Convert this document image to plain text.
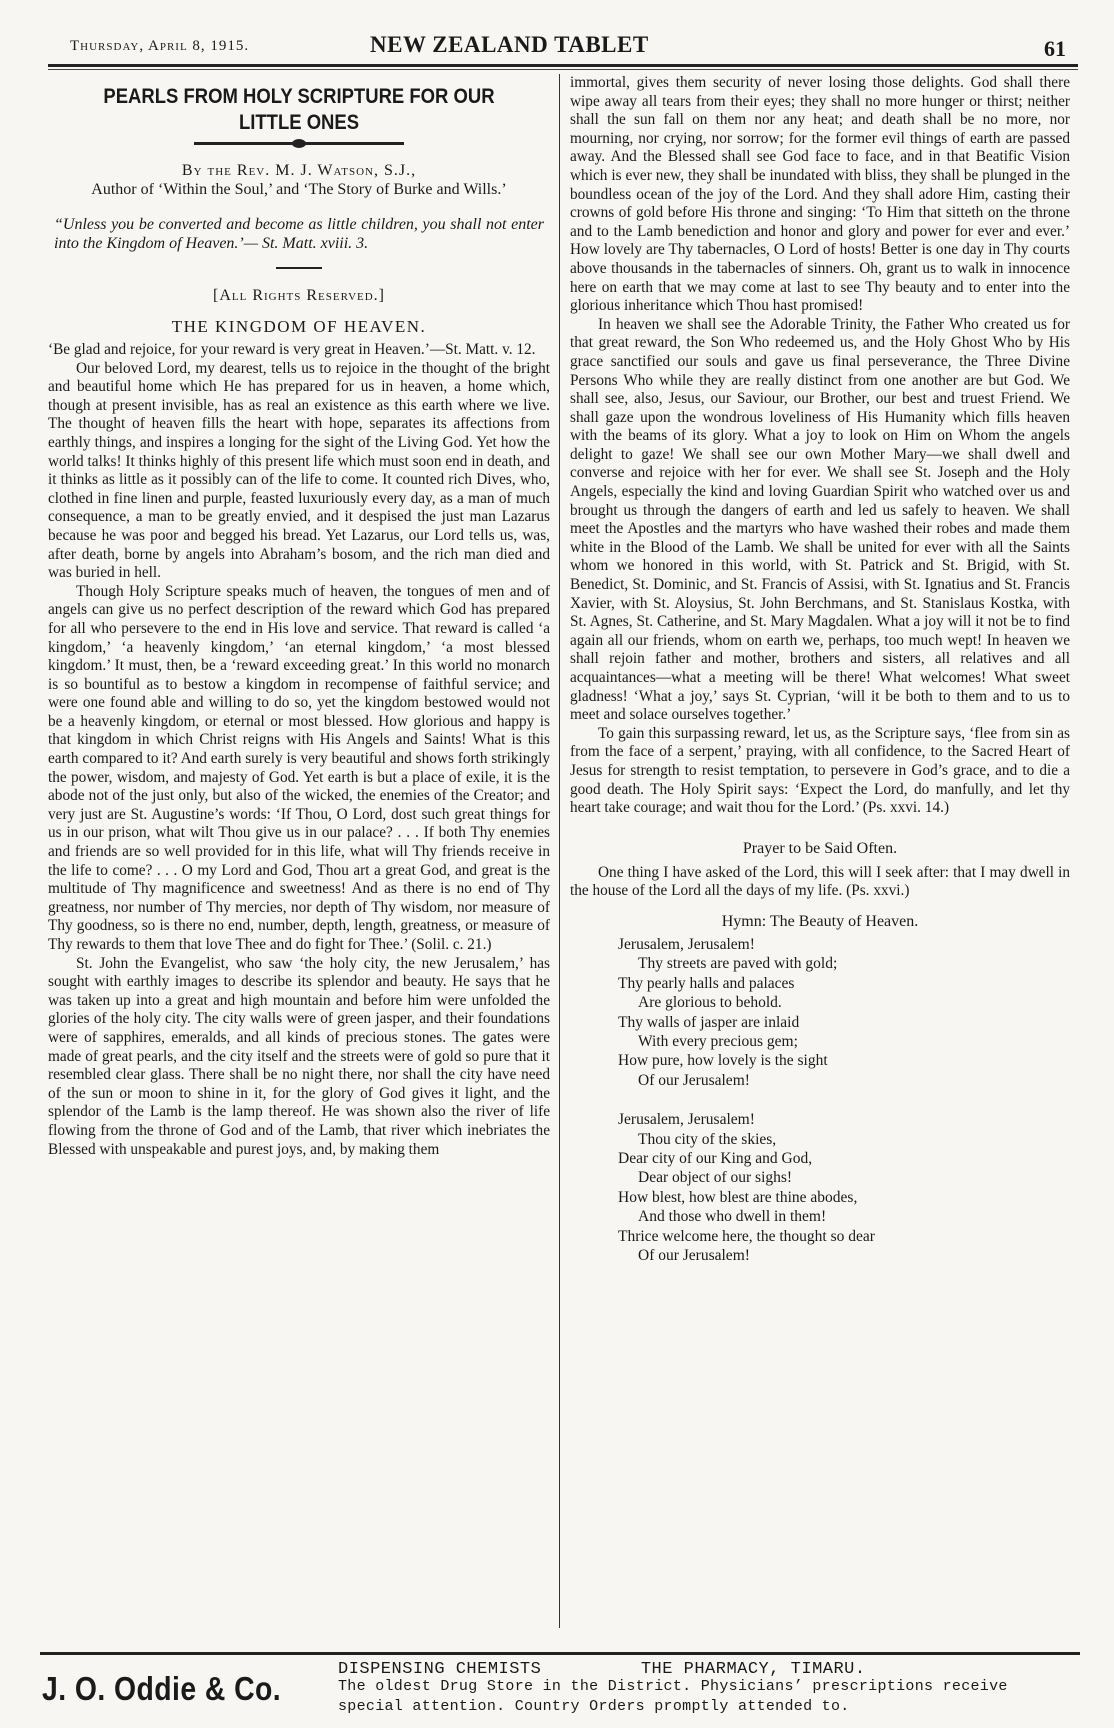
Thursday, April 8, 1915.	NEW ZEALAND TABLET	61
PEARLS FROM HOLY SCRIPTURE FOR OUR
LITTLE ONES
By the Rev. M. J. Watson, S.J.,
Author of ‘Within the Soul,’ and ‘The Story of Burke and Wills.’
“Unless you be converted and become as little children, you shall not enter into the Kingdom of Heaven.’— St. Matt. xviii. 3.
[All Rights Reserved.]
THE KINGDOM OF HEAVEN.

‘Be glad and rejoice, for your reward is very great in Heaven.’—St. Matt. v. 12.

Our beloved Lord, my dearest, tells us to rejoice in the thought of the bright and beautiful home which He has prepared for us in heaven, a home which, though at present invisible, has as real an existence as this earth where we live. The thought of heaven fills the heart with hope, separates its affections from earthly things, and inspires a longing for the sight of the Living God. Yet how the world talks! It thinks highly of this present life which must soon end in death, and it thinks as little as it possibly can of the life to come. It counted rich Dives, who, clothed in fine linen and purple, feasted luxuriously every day, as a man of much consequence, a man to be greatly envied, and it despised the just man Lazarus because he was poor and begged his bread. Yet Lazarus, our Lord tells us, was, after death, borne by angels into Abraham’s bosom, and the rich man died and was buried in hell.

Though Holy Scripture speaks much of heaven, the tongues of men and of angels can give us no perfect description of the reward which God has prepared for all who persevere to the end in His love and service. That reward is called ‘a kingdom,’ ‘a heavenly kingdom,’ ‘an eternal kingdom,’ ‘a most blessed kingdom.’ It must, then, be a ‘reward exceeding great.’ In this world no monarch is so bountiful as to bestow a kingdom in recompense of faithful service; and were one found able and willing to do so, yet the kingdom bestowed would not be a heavenly kingdom, or eternal or most blessed. How glorious and happy is that kingdom in which Christ reigns with His Angels and Saints! What is this earth compared to it? And earth surely is very beautiful and shows forth strikingly the power, wisdom, and majesty of God. Yet earth is but a place of exile, it is the abode not of the just only, but also of the wicked, the enemies of the Creator; and very just are St. Augustine’s words: ‘If Thou, O Lord, dost such great things for us in our prison, what wilt Thou give us in our palace? . . . If both Thy enemies and friends are so well provided for in this life, what will Thy friends receive in the life to come? . . . O my Lord and God, Thou art a great God, and great is the multitude of Thy magnificence and sweetness! And as there is no end of Thy greatness, nor number of Thy mercies, nor depth of Thy wisdom, nor measure of Thy goodness, so is there no end, number, depth, length, greatness, or measure of Thy rewards to them that love Thee and do fight for Thee.’ (Solil. c. 21.)

St. John the Evangelist, who saw ‘the holy city, the new Jerusalem,’ has sought with earthly images to describe its splendor and beauty. He says that he was taken up into a great and high mountain and before him were unfolded the glories of the holy city. The city walls were of green jasper, and their foundations were of sapphires, emeralds, and all kinds of precious stones. The gates were made of great pearls, and the city itself and the streets were of gold so pure that it resembled clear glass. There shall be no night there, nor shall the city have need of the sun or moon to shine in it, for the glory of God gives it light, and the splendor of the Lamb is the lamp thereof. He was shown also the river of life flowing from the throne of God and of the Lamb, that river which inebriates the Blessed with unspeakable and purest joys, and, by making them

immortal, gives them security of never losing those delights. God shall there wipe away all tears from their eyes; they shall no more hunger or thirst; neither shall the sun fall on them nor any heat; and death shall be no more, nor mourning, nor crying, nor sorrow; for the former evil things of earth are passed away. And the Blessed shall see God face to face, and in that Beatific Vision which is ever new, they shall be inundated with bliss, they shall be plunged in the boundless ocean of the joy of the Lord. And they shall adore Him, casting their crowns of gold before His throne and singing: ‘To Him that sitteth on the throne and to the Lamb benediction and honor and glory and power for ever and ever.’ How lovely are Thy tabernacles, O Lord of hosts! Better is one day in Thy courts above thousands in the tabernacles of sinners. Oh, grant us to walk in innocence here on earth that we may come at last to see Thy beauty and to enter into the glorious inheritance which Thou hast promised!

In heaven we shall see the Adorable Trinity, the Father Who created us for that great reward, the Son Who redeemed us, and the Holy Ghost Who by His grace sanctified our souls and gave us final perseverance, the Three Divine Persons Who while they are really distinct from one another are but God. We shall see, also, Jesus, our Saviour, our Brother, our best and truest Friend. We shall gaze upon the wondrous loveliness of His Humanity which fills heaven with the beams of its glory. What a joy to look on Him on Whom the angels delight to gaze! We shall see our own Mother Mary—we shall dwell and converse and rejoice with her for ever. We shall see St. Joseph and the Holy Angels, especially the kind and loving Guardian Spirit who watched over us and brought us through the dangers of earth and led us safely to heaven. We shall meet the Apostles and the martyrs who have washed their robes and made them white in the Blood of the Lamb. We shall be united for ever with all the Saints whom we honored in this world, with St. Patrick and St. Brigid, with St. Benedict, St. Dominic, and St. Francis of Assisi, with St. Ignatius and St. Francis Xavier, with St. Aloysius, St. John Berchmans, and St. Stanislaus Kostka, with St. Agnes, St. Catherine, and St. Mary Magdalen. What a joy will it not be to find again all our friends, whom on earth we, perhaps, too much wept! In heaven we shall rejoin father and mother, brothers and sisters, all relatives and all acquaintances—what a meeting will be there! What welcomes! What sweet gladness! ‘What a joy,’ says St. Cyprian, ‘will it be both to them and to us to meet and solace ourselves together.’

To gain this surpassing reward, let us, as the Scripture says, ‘flee from sin as from the face of a serpent,’ praying, with all confidence, to the Sacred Heart of Jesus for strength to resist temptation, to persevere in God’s grace, and to die a good death. The Holy Spirit says: ‘Expect the Lord, do manfully, and let thy heart take courage; and wait thou for the Lord.’ (Ps. xxvi. 14.)

Prayer to be Said Often.

One thing I have asked of the Lord, this will I seek after: that I may dwell in the house of the Lord all the days of my life. (Ps. xxvi.)

Hymn: The Beauty of Heaven.
Jerusalem, Jerusalem!
Thy streets are paved with gold;
Thy pearly halls and palaces
Are glorious to behold.
Thy walls of jasper are inlaid
With every precious gem;
How pure, how lovely is the sight
Of our Jerusalem!
Jerusalem, Jerusalem!
Thou city of the skies,
Dear city of our King and God,
Dear object of our sighs!
How blest, how blest are thine abodes,
And those who dwell in them!
Thrice welcome here, the thought so dear
Of our Jerusalem!
J. O. Oddie & Co.
DISPENSING CHEMISTS	THE PHARMACY, TIMARU.
The oldest Drug Store in the District. Physicians’ prescriptions receive
special attention. Country Orders promptly attended to.
